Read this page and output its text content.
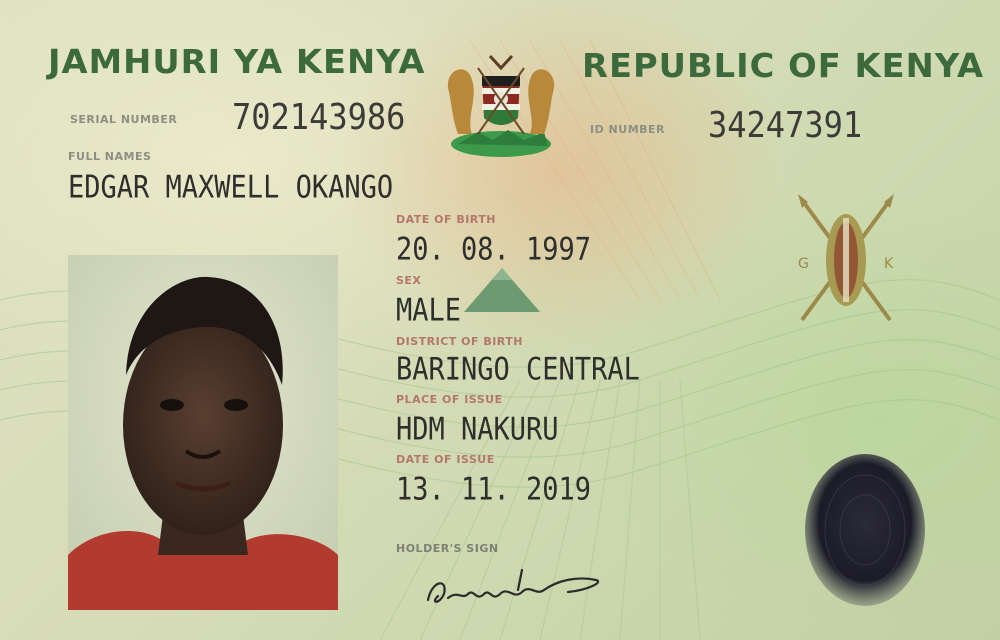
JAMHURI YA KENYA	REPUBLIC OF KENYA
SERIAL NUMBER 702143986	ID NUMBER 34247391
FULL NAMES
EDGAR MAXWELL OKANGO
DATE OF BIRTH
20. 08. 1997
SEX
MALE
DISTRICT OF BIRTH
BARINGO CENTRAL
PLACE OF ISSUE
HDM NAKURU
DATE OF ISSUE
13. 11. 2019
HOLDER'S SIGN
G	K
